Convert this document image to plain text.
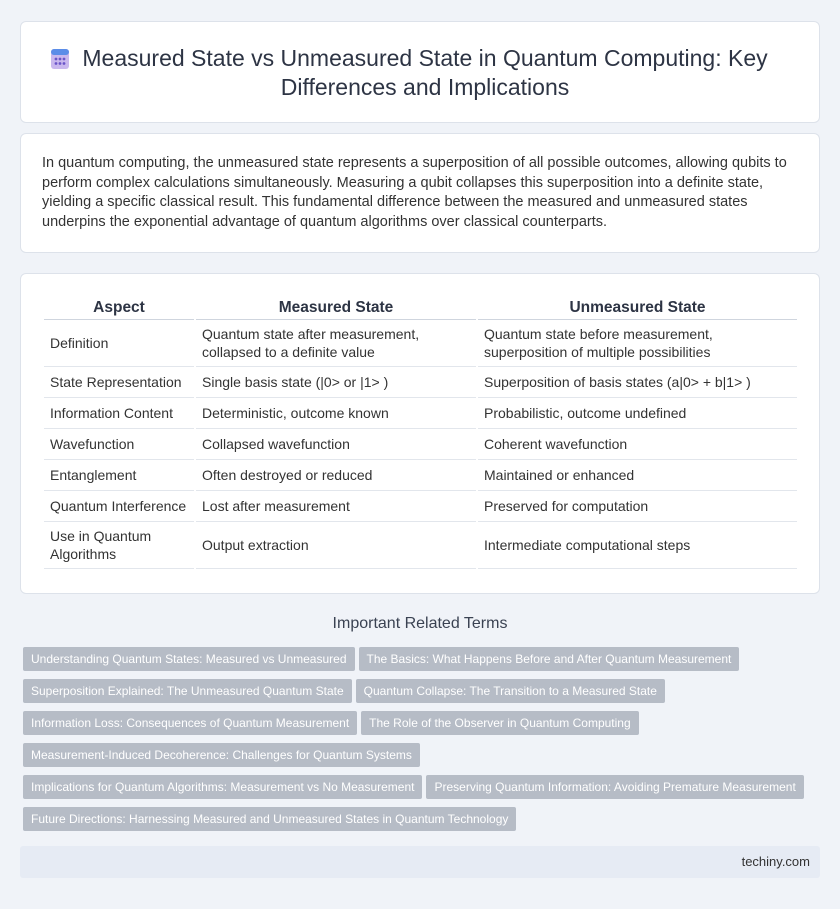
Measured State vs Unmeasured State in Quantum Computing: Key Differences and Implications

In quantum computing, the unmeasured state represents a superposition of all possible outcomes, allowing qubits to perform complex calculations simultaneously. Measuring a qubit collapses this superposition into a definite state, yielding a specific classical result. This fundamental difference between the measured and unmeasured states underpins the exponential advantage of quantum algorithms over classical counterparts.

Aspect	Measured State	Unmeasured State
Definition	Quantum state after measurement, collapsed to a definite value	Quantum state before measurement, superposition of multiple possibilities
State Representation	Single basis state (|0> or |1> )	Superposition of basis states (a|0> + b|1> )
Information Content	Deterministic, outcome known	Probabilistic, outcome undefined
Wavefunction	Collapsed wavefunction	Coherent wavefunction
Entanglement	Often destroyed or reduced	Maintained or enhanced
Quantum Interference	Lost after measurement	Preserved for computation
Use in Quantum Algorithms	Output extraction	Intermediate computational steps
Important Related Terms
Understanding Quantum States: Measured vs Unmeasured	The Basics: What Happens Before and After Quantum Measurement
Superposition Explained: The Unmeasured Quantum State	Quantum Collapse: The Transition to a Measured State
Information Loss: Consequences of Quantum Measurement	The Role of the Observer in Quantum Computing
Measurement-Induced Decoherence: Challenges for Quantum Systems
Implications for Quantum Algorithms: Measurement vs No Measurement	Preserving Quantum Information: Avoiding Premature Measurement
Future Directions: Harnessing Measured and Unmeasured States in Quantum Technology
techiny.com
